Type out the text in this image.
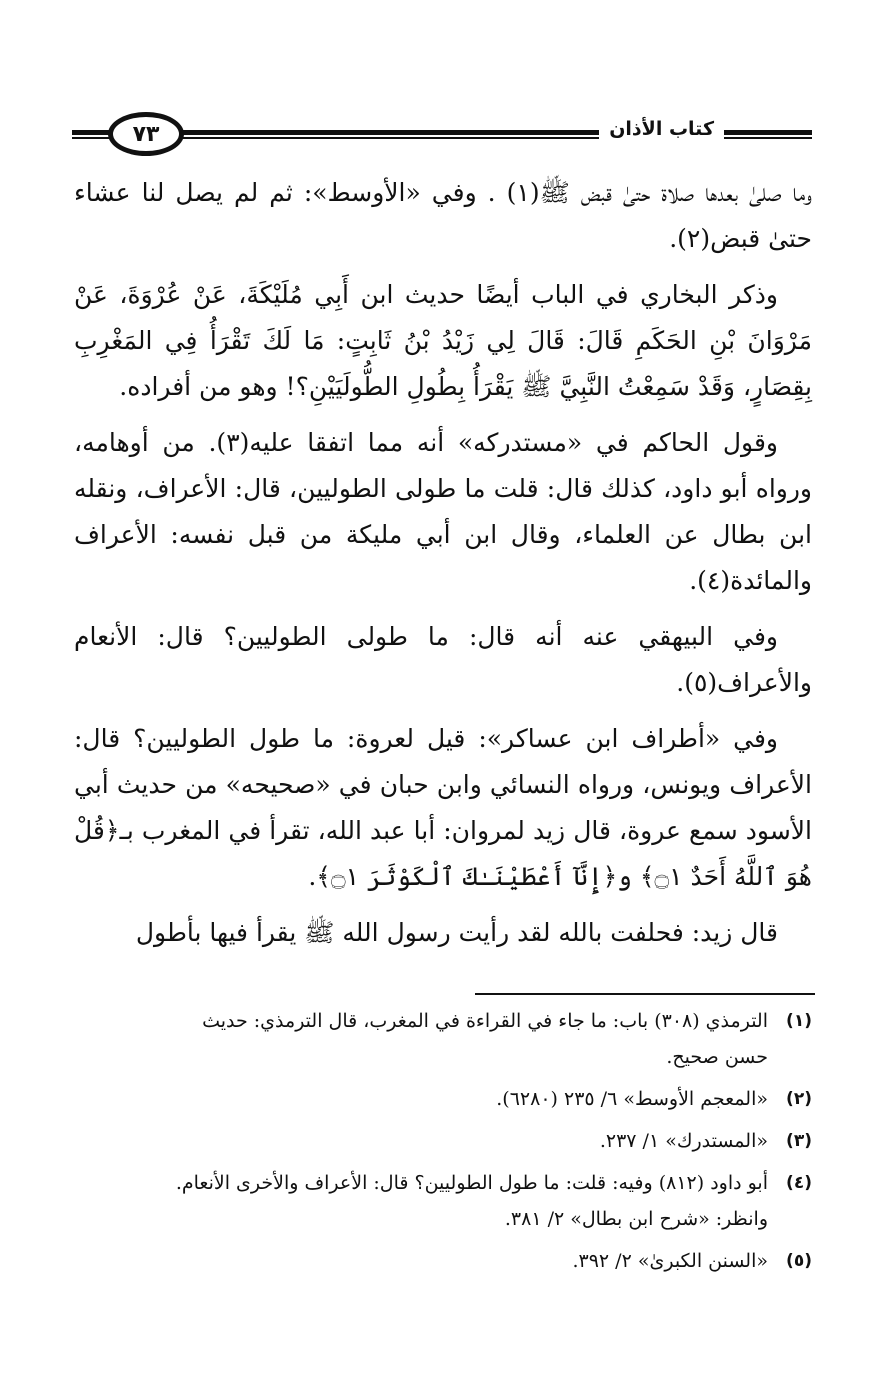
٧٣	كتاب الأذان

وما صلىٰ بعدها صلاة حتىٰ قبض ﷺ(١) . وفي «الأوسط»: ثم لم يصل لنا عشاء حتىٰ قبض(٢).

وذكر البخاري في الباب أيضًا حديث ابن أَبِي مُلَيْكَةَ، عَنْ عُرْوَةَ، عَنْ مَرْوَانَ بْنِ الحَكَمِ قَالَ: قَالَ لِي زَيْدُ بْنُ ثَابِتٍ: مَا لَكَ تَقْرَأُ فِي المَغْرِبِ بِقِصَارٍ، وَقَدْ سَمِعْتُ النَّبِيَّ ﷺ يَقْرَأُ بِطُولِ الطُّولَيَيْنِ؟! وهو من أفراده.

وقول الحاكم في «مستدركه» أنه مما اتفقا عليه(٣). من أوهامه، ورواه أبو داود، كذلك قال: قلت ما طولى الطوليين، قال: الأعراف، ونقله ابن بطال عن العلماء، وقال ابن أبي مليكة من قبل نفسه: الأعراف والمائدة(٤).

وفي البيهقي عنه أنه قال: ما طولى الطوليين؟ قال: الأنعام والأعراف(٥).

وفي «أطراف ابن عساكر»: قيل لعروة: ما طول الطوليين؟ قال: الأعراف ويونس، ورواه النسائي وابن حبان في «صحيحه» من حديث أبي الأسود سمع عروة، قال زيد لمروان: أبا عبد الله، تقرأ في المغرب بـ﴿قُلْ هُوَ ٱللَّهُ أَحَدٌ ۝١﴾ و﴿إِنَّآ أَعْطَيْنَـٰكَ ٱلْكَوْثَرَ ۝١﴾.

قال زيد: فحلفت بالله لقد رأيت رسول الله ﷺ يقرأ فيها بأطول

(١)
الترمذي (٣٠٨) باب: ما جاء في القراءة في المغرب، قال الترمذي: حديث
حسن صحيح.
(٢)
«المعجم الأوسط» ٦/ ٢٣٥ (٦٢٨٠).
(٣)
«المستدرك» ١/ ٢٣٧.
(٤)
أبو داود (٨١٢) وفيه: قلت: ما طول الطوليين؟ قال: الأعراف والأخرى الأنعام.
وانظر: «شرح ابن بطال» ٢/ ٣٨١.
(٥)
«السنن الكبرىٰ» ٢/ ٣٩٢.
